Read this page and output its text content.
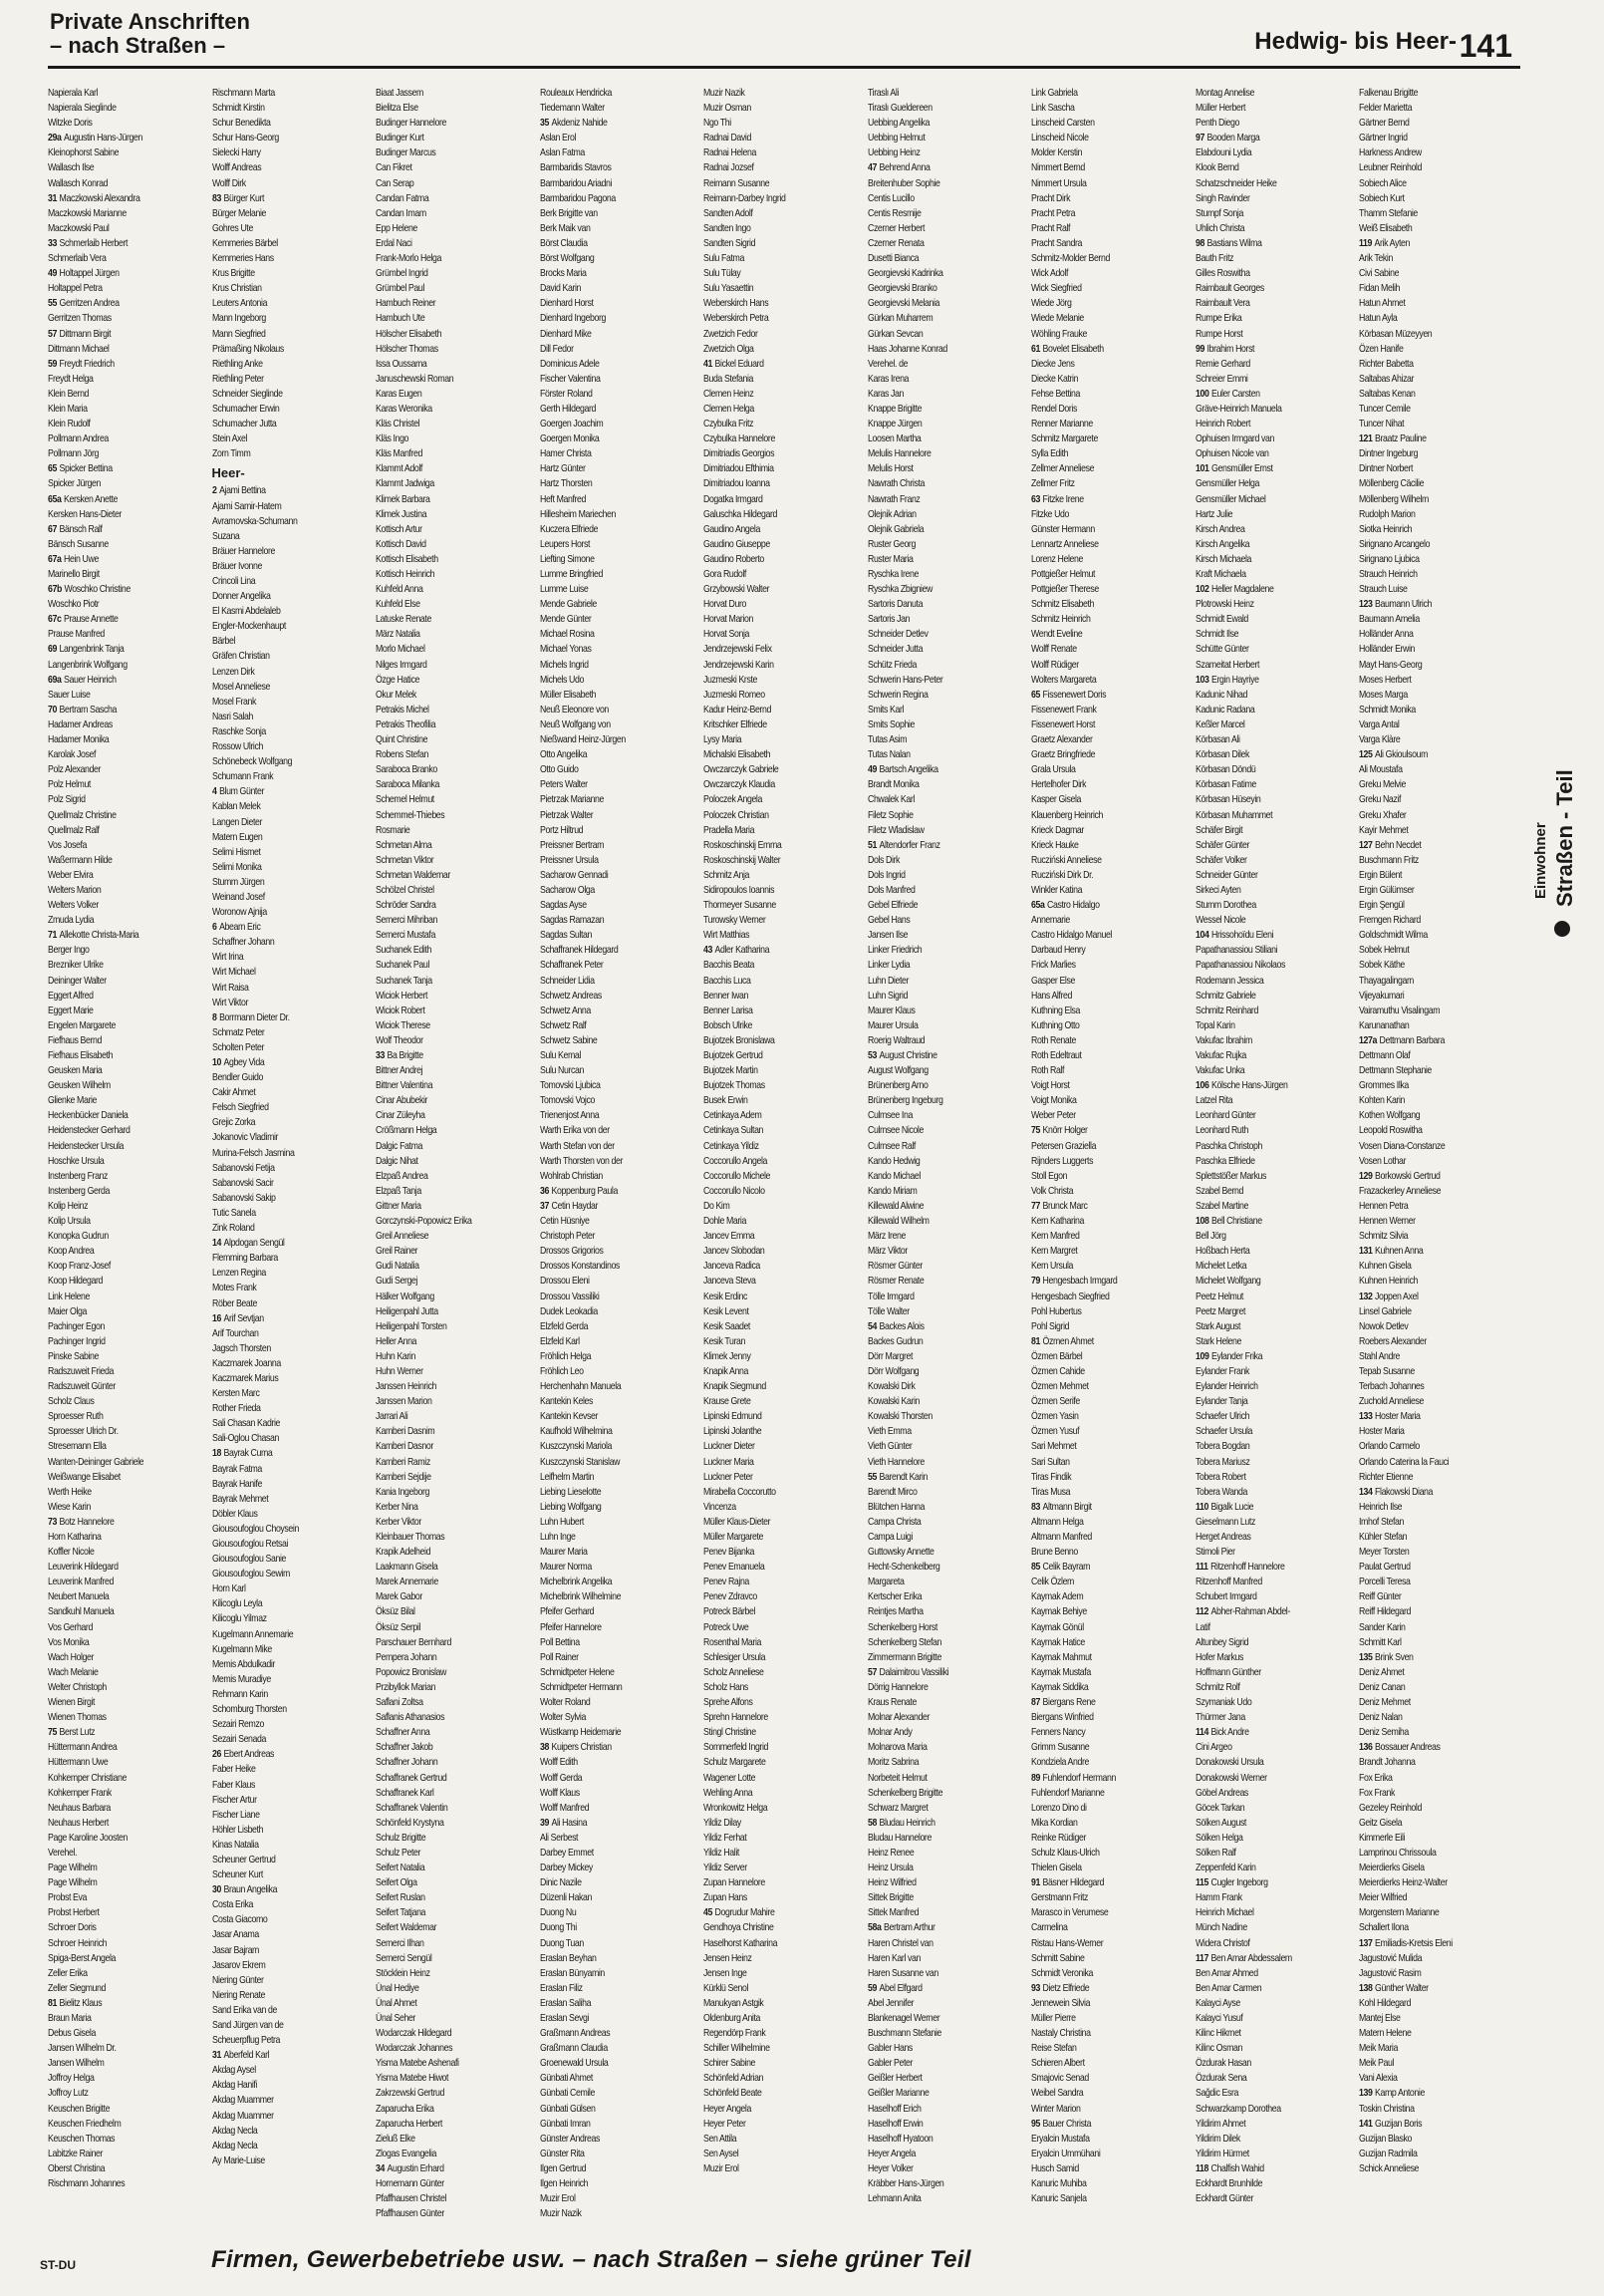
Private Anschriften
– nach Straßen –	Hedwig- bis Heer- 141
Napierala Karl
Napierala Sieglinde
Witzke Doris
29a Augustin Hans-Jürgen
Kleinophorst Sabine
Wallasch Ilse
Wallasch Konrad
31 Maczkowski Alexandra
Maczkowski Marianne
Maczkowski Paul
33 Schmerlaib Herbert
Schmerlaib Vera
49 Holtappel Jürgen
Holtappel Petra
55 Gerritzen Andrea
Gerritzen Thomas
57 Dittmann Birgit
Dittmann Michael
59 Freydt Friedrich
Freydt Helga
Klein Bernd
Klein Maria
Klein Rudolf
Pollmann Andrea
Pollmann Jörg
65 Spicker Bettina
Spicker Jürgen
65a Kersken Anette
Kersken Hans-Dieter
67 Bänsch Ralf
Bänsch Susanne
67a Hein Uwe
Marinello Birgit
67b Woschko Christine
Woschko Piotr
67c Prause Annette
Prause Manfred
69 Langenbrink Tanja
Langenbrink Wolfgang
69a Sauer Heinrich
Sauer Luise
70 Bertram Sascha
Hadamer Andreas
Hadamer Monika
Karolak Josef
Polz Alexander
Polz Helmut
Polz Sigrid
Quellmalz Christine
Quellmalz Ralf
Vos Josefa
Waßermann Hilde
Weber Elvira
Welters Marion
Welters Volker
Zmuda Lydia
71 Allekotte Christa-Maria
Berger Ingo
Brezniker Ulrike
Deininger Walter
Eggert Alfred
Eggert Marie
Engelen Margarete
Fiefhaus Bernd
Fiefhaus Elisabeth
Geusken Maria
Geusken Wilhelm
Glienke Marie
Heckenbücker Daniela
Heidenstecker Gerhard
Heidenstecker Ursula
Hoschke Ursula
Instenberg Franz
Instenberg Gerda
Kolip Heinz
Kolip Ursula
Konopka Gudrun
Koop Andrea
Koop Franz-Josef
Koop Hildegard
Link Helene
Maier Olga
Pachinger Egon
Pachinger Ingrid
Pinske Sabine
Radszuweit Frieda
Radszuweit Günter
Scholz Claus
Sproesser Ruth
Sproesser Ulrich Dr.
Stresemann Ella
Wanten-Deininger Gabriele
Weißwange Elisabet
Werth Heike
Wiese Karin
73 Botz Hannelore
Horn Katharina
Koffler Nicole
Leuverink Hildegard
Leuverink Manfred
Neubert Manuela
Sandkuhl Manuela
Vos Gerhard
Vos Monika
Wach Holger
Wach Melanie
Welter Christoph
Wienen Birgit
Wienen Thomas
75 Berst Lutz
Hüttermann Andrea
Hüttermann Uwe
Kohkemper Christiane
Kohkemper Frank
Neuhaus Barbara
Neuhaus Herbert
Page Karoline Joosten
Verehel.
Page Wilhelm
Page Wilhelm
Probst Eva
Probst Herbert
Schroer Doris
Schroer Heinrich
Spiga-Berst Angela
Zeller Erika
Zeller Siegmund
81 Bielitz Klaus
Braun Maria
Debus Gisela
Jansen Wilhelm Dr.
Jansen Wilhelm
Joffroy Helga
Joffroy Lutz
Keuschen Brigitte
Keuschen Friedhelm
Keuschen Thomas
Labitzke Rainer
Oberst Christina
Rischmann Johannes
Rischmann Marta
Schmidt Kirstin
Schur Benedikta
Schur Hans-Georg
Sielecki Harry
Wolff Andreas
Wolff Dirk
83 Bürger Kurt
Bürger Melanie
Gohres Ute
Kemmeries Bärbel
Kemmeries Hans
Krus Brigitte
Krus Christian
Leuters Antonia
Mann Ingeborg
Mann Siegfried
Prämaßing Nikolaus
Riethling Anke
Riethling Peter
Schneider Sieglinde
Schumacher Erwin
Schumacher Jutta
Stein Axel
Zorn Timm
Heer-
2 Ajami Bettina
Ajami Samir-Hatem
Avramovska-Schumann
Suzana
Bräuer Hannelore
Bräuer Ivonne
Crincoli Lina
Donner Angelika
El Kasmi Abdelaleb
Engler-Mockenhaupt
Bärbel
Gräfen Christian
Lenzen Dirk
Mosel Anneliese
Mosel Frank
Nasri Salah
Raschke Sonja
Rossow Ulrich
Schönebeck Wolfgang
Schumann Frank
4 Blum Günter
Kablan Melek
Langen Dieter
Matern Eugen
Selimi Hismet
Selimi Monika
Stumm Jürgen
Weinand Josef
Woronow Ajnija
6 Abeam Eric
Schaffner Johann
Wirt Irina
Wirt Michael
Wirt Raisa
Wirt Viktor
8 Borrmann Dieter Dr.
Schmatz Peter
Scholten Peter
10 Agbey Vida
Bendler Guido
Cakir Ahmet
Felsch Siegfried
Grejic Zorka
Jokanovic Vladimir
Murina-Felsch Jasmina
Sabanovski Fetija
Sabanovski Sacir
Sabanovski Sakip
Tutic Sanela
Zink Roland
14 Alpdogan Sengül
Flemming Barbara
Lenzen Regina
Motes Frank
Röber Beate
16 Arif Sevtjan
Arif Tourchan
Jagsch Thorsten
Kaczmarek Joanna
Kaczmarek Marius
Kersten Marc
Rother Frieda
Sali Chasan Kadrie
Sali-Oglou Chasan
18 Bayrak Cuma
Bayrak Fatma
Bayrak Hanife
Bayrak Mehmet
Döbler Klaus
Giousoufoglou Choysein
Giousoufoglou Retsai
Giousoufoglou Sanie
Giousoufoglou Sewim
Horn Karl
Kilicoglu Leyla
Kilicoglu Yilmaz
Kugelmann Annemarie
Kugelmann Mike
Memis Abdulkadir
Memis Muradiye
Rehmann Karin
Schomburg Thorsten
Sezairi Remzo
Sezairi Senada
26 Ebert Andreas
Faber Heike
Faber Klaus
Fischer Artur
Fischer Liane
Höhler Lisbeth
Kinas Natalia
Scheuner Gertrud
Scheuner Kurt
30 Braun Angelika
Costa Erika
Costa Giacomo
Jasar Anama
Jasar Bajram
Jasarov Ekrem
Niering Günter
Niering Renate
Sand Erika van de
Sand Jürgen van de
Scheuerpflug Petra
31 Aberfeld Karl
Akdag Aysel
Akdag Hanifi
Akdag Muammer
Akdag Muammer
Akdag Necla
Akdag Necla
Ay Marie-Luise
Biaat Jassem
Bielitza Else
Budinger Hannelore
Budinger Kurt
Budinger Marcus
Can Fikret
Can Serap
Candan Fatma
Candan Imam
Epp Helene
Erdal Naci
Frank-Morlo Helga
Grümbel Ingrid
Grümbel Paul
Hambuch Reiner
Hambuch Ute
Hölscher Elisabeth
Hölscher Thomas
Issa Oussama
Januschewski Roman
Karas Eugen
Karas Weronika
Kläs Christel
Kläs Ingo
Kläs Manfred
Klammt Adolf
Klammt Jadwiga
Klimek Barbara
Klimek Justina
Kottisch Artur
Kottisch David
Kottisch Elisabeth
Kottisch Heinrich
Kuhfeld Anna
Kuhfeld Else
Latuske Renate
März Natalia
Morlo Michael
Nilges Irmgard
Özge Hatice
Okur Melek
Petrakis Michel
Petrakis Theofilia
Quint Christine
Robens Stefan
Saraboca Branko
Saraboca Milanka
Schemel Helmut
Schemmel-Thiebes
Rosmarie
Schmetan Alma
Schmetan Viktor
Schmetan Waldemar
Schölzel Christel
Schröder Sandra
Semerci Mihriban
Semerci Mustafa
Suchanek Edith
Suchanek Paul
Suchanek Tanja
Wiciok Herbert
Wiciok Robert
Wiciok Therese
Wolf Theodor
33 Ba Brigitte
Bittner Andrej
Bittner Valentina
Cinar Abubekir
Cinar Züleyha
Crößmann Helga
Dalgic Fatma
Dalgic Nihat
Elzpaß Andrea
Elzpaß Tanja
Gittner Maria
Gorczynski-Popowicz Erika
Greil Anneliese
Greil Rainer
Gudi Natalia
Gudi Sergej
Hälker Wolfgang
Heiligenpahl Jutta
Heiligenpahl Torsten
Heller Anna
Huhn Karin
Huhn Werner
Janssen Heinrich
Janssen Marion
Jarrari Ali
Kamberi Dasnim
Kamberi Dasnor
Kamberi Ramiz
Kamberi Sejdije
Kania Ingeborg
Kerber Nina
Kerber Viktor
Kleinbauer Thomas
Krapik Adelheid
Laakmann Gisela
Marek Annemarie
Marek Gabor
Öksüz Bilal
Öksüz Serpil
Parschauer Bernhard
Pempera Johann
Popowicz Bronislaw
Przibyllok Marian
Saflani Zoltsa
Saflanis Athanasios
Schaffner Anna
Schaffner Jakob
Schaffner Johann
Schaffranek Gertrud
Schaffranek Karl
Schaffranek Valentin
Schönfeld Krystyna
Schulz Brigitte
Schulz Peter
Seifert Natalia
Seifert Olga
Seifert Ruslan
Seifert Tatjana
Seifert Waldemar
Semerci Ilhan
Semerci Sengül
Stöcklein Heinz
Ünal Hediye
Ünal Ahmet
Ünal Seher
Wodarczak Hildegard
Wodarczak Johannes
Yisma Matebe Ashenafi
Yisma Matebe Hiwot
Zakrzewski Gertrud
Zaparucha Erika
Zaparucha Herbert
Zieluß Elke
Zlogas Evangelia
34 Augustin Erhard
Hornemann Günter
Pfaffhausen Christel
Pfaffhausen Günter
Rouleaux Hendricka
Tiedemann Walter
35 Akdeniz Nahide
Aslan Erol
Aslan Fatma
Barmbaridis Stavros
Barmbaridou Ariadni
Barmbaridou Pagona
Berk Brigitte van
Berk Maik van
Börst Claudia
Börst Wolfgang
Brocks Maria
David Karin
Dienhard Horst
Dienhard Ingeborg
Dienhard Mike
Dill Fedor
Dominicus Adele
Fischer Valentina
Förster Roland
Gerth Hildegard
Goergen Joachim
Goergen Monika
Hamer Christa
Hartz Günter
Hartz Thorsten
Heft Manfred
Hillesheim Mariechen
Kuczera Elfriede
Leupers Horst
Liefting Simone
Lumme Bringfried
Lumme Luise
Mende Gabriele
Mende Günter
Michael Rosina
Michael Yonas
Michels Ingrid
Michels Udo
Müller Elisabeth
Neuß Eleonore von
Neuß Wolfgang von
Nießwand Heinz-Jürgen
Otto Angelika
Otto Guido
Peters Walter
Pietrzak Marianne
Pietrzak Walter
Portz Hiltrud
Preissner Bertram
Preissner Ursula
Sacharow Gennadi
Sacharow Olga
Sagdas Ayse
Sagdas Ramazan
Sagdas Sultan
Schaffranek Hildegard
Schaffranek Peter
Schneider Lidia
Schwetz Andreas
Schwetz Anna
Schwetz Ralf
Schwetz Sabine
Sulu Kemal
Sulu Nurcan
Tomovski Ljubica
Tomovski Vojco
Trienenjost Anna
Warth Erika von der
Warth Stefan von der
Warth Thorsten von der
Wohlrab Christian
36 Koppenburg Paula
37 Cetin Haydar
Cetin Hüsniye
Christoph Peter
Drossos Grigorios
Drossos Konstandinos
Drossou Eleni
Drossou Vassiliki
Dudek Leokadia
Elzfeld Gerda
Elzfeld Karl
Fröhlich Helga
Fröhlich Leo
Herchenhahn Manuela
Kantekin Keles
Kantekin Kevser
Kaufhold Wilhelmina
Kuszczynski Mariola
Kuszczynski Stanislaw
Leifhelm Martin
Liebing Lieselotte
Liebing Wolfgang
Luhn Hubert
Luhn Inge
Maurer Maria
Maurer Norma
Michelbrink Angelika
Michelbrink Wilhelmine
Pfeifer Gerhard
Pfeifer Hannelore
Poll Bettina
Poll Rainer
Schmidtpeter Helene
Schmidtpeter Hermann
Wolter Roland
Wolter Sylvia
Wüstkamp Heidemarie
38 Kuipers Christian
Wolff Edith
Wolff Gerda
Wolff Klaus
Wolff Manfred
39 Ali Hasina
Ali Serbest
Darbey Emmet
Darbey Mickey
Dinic Nazile
Düzenli Hakan
Duong Nu
Duong Thi
Duong Tuan
Eraslan Beyhan
Eraslan Bünyamin
Eraslan Filiz
Eraslan Saliha
Eraslan Sevgi
Graßmann Andreas
Graßmann Claudia
Groenewald Ursula
Günbati Ahmet
Günbati Cemile
Günbati Gülsen
Günbati Imran
Günster Andreas
Günster Rita
Ilgen Gertrud
Ilgen Heinrich
Muzir Erol
Muzir Nazik
Muzir Nazik
Muzir Osman
Ngo Thi
Radnai David
Radnai Helena
Radnai Jozsef
Reimann Susanne
Reimann-Darbey Ingrid
Sandten Adolf
Sandten Ingo
Sandten Sigrid
Sulu Fatma
Sulu Tülay
Sulu Yasaettin
Weberskirch Hans
Weberskirch Petra
Zwetzich Fedor
Zwetzich Olga
41 Bickel Eduard
Buda Stefania
Clemen Heinz
Clemen Helga
Czybulka Fritz
Czybulka Hannelore
Dimitriadis Georgios
Dimitriadou Efthimia
Dimitriadou Ioanna
Dogatka Irmgard
Galuschka Hildegard
Gaudino Angela
Gaudino Giuseppe
Gaudino Roberto
Gora Rudolf
Grzybowski Walter
Horvat Duro
Horvat Marion
Horvat Sonja
Jendrzejewski Felix
Jendrzejewski Karin
Juzmeski Krste
Juzmeski Romeo
Kadur Heinz-Bernd
Kritschker Elfriede
Lysy Maria
Michalski Elisabeth
Owczarczyk Gabriele
Owczarczyk Klaudia
Poloczek Angela
Poloczek Christian
Pradella Maria
Roskoschinskij Emma
Roskoschinskij Walter
Schmitz Anja
Sidiropoulos Ioannis
Thormeyer Susanne
Turowsky Werner
Wirt Matthias
43 Adler Katharina
Bacchis Beata
Bacchis Luca
Benner Iwan
Benner Larisa
Bobsch Ulrike
Bujotzek Bronislawa
Bujotzek Gertrud
Bujotzek Martin
Bujotzek Thomas
Busek Erwin
Cetinkaya Adem
Cetinkaya Sultan
Cetinkaya Yildiz
Coccorullo Angela
Coccorullo Michele
Coccorullo Nicolo
Do Kim
Dohle Maria
Jancev Emma
Jancev Slobodan
Janceva Radica
Janceva Steva
Kesik Erdinc
Kesik Levent
Kesik Saadet
Kesik Turan
Klimek Jenny
Knapik Anna
Knapik Siegmund
Krause Grete
Lipinski Edmund
Lipinski Jolanthe
Luckner Dieter
Luckner Maria
Luckner Peter
Mirabella Coccorutto
Vincenza
Müller Klaus-Dieter
Müller Margarete
Penev Bijanka
Penev Emanuela
Penev Rajna
Penev Zdravco
Potreck Bärbel
Potreck Uwe
Rosenthal Maria
Schlesiger Ursula
Scholz Anneliese
Scholz Hans
Sprehe Alfons
Sprehn Hannelore
Stingl Christine
Sommerfeld Ingrid
Schulz Margarete
Wagener Lotte
Wehling Anna
Wronkowitz Helga
Yildiz Dilay
Yildiz Ferhat
Yildiz Halit
Yildiz Server
Zupan Hannelore
Zupan Hans
45 Dogrudur Mahire
Gendhoya Christine
Haselhorst Katharina
Jensen Heinz
Jensen Inge
Kürklü Senol
Manukyan Astgik
Oldenburg Anita
Regendörp Frank
Schiller Wilhelmine
Schirer Sabine
Schönfeld Adrian
Schönfeld Beate
Heyer Angela
Heyer Peter
Sen Attila
Sen Aysel
Muzir Erol
Tiraslı Ali
Tiraslı Gueldereen
Uebbing Angelika
Uebbing Helmut
Uebbing Heinz
47 Behrend Anna
Breitenhuber Sophie
Centis Lucillo
Centis Resmije
Czerner Herbert
Czerner Renata
Dusetti Bianca
Georgievski Kadrinka
Georgievski Branko
Georgievski Melania
Gürkan Muharrem
Gürkan Sevcan
Haas Johanne Konrad
Verehel. de
Karas Irena
Karas Jan
Knappe Brigitte
Knappe Jürgen
Loosen Martha
Melulis Hannelore
Melulis Horst
Nawrath Christa
Nawrath Franz
Olejnik Adrian
Olejnik Gabriela
Ruster Georg
Ruster Maria
Ryschka Irene
Ryschka Zbigniew
Sartoris Danuta
Sartoris Jan
Schneider Detlev
Schneider Jutta
Schütz Frieda
Schwerin Hans-Peter
Schwerin Regina
Smits Karl
Smits Sophie
Tutas Asim
Tutas Nalan
49 Bartsch Angelika
Brandt Monika
Chwalek Karl
Filetz Sophie
Filetz Wladislaw
51 Altendorfer Franz
Dols Dirk
Dols Ingrid
Dols Manfred
Gebel Elfriede
Gebel Hans
Jansen Ilse
Linker Friedrich
Linker Lydia
Luhn Dieter
Luhn Sigrid
Maurer Klaus
Maurer Ursula
Roerig Waltraud
53 August Christine
August Wolfgang
Brünenberg Arno
Brünenberg Ingeburg
Culmsee Ina
Culmsee Nicole
Culmsee Ralf
Kando Hedwig
Kando Michael
Kando Miriam
Killewald Alwine
Killewald Wilhelm
März Irene
März Viktor
Rösmer Günter
Rösmer Renate
Tölle Irmgard
Tölle Walter
54 Backes Alois
Backes Gudrun
Dörr Margret
Dörr Wolfgang
Kowalski Dirk
Kowalski Karin
Kowalski Thorsten
Vieth Emma
Vieth Günter
Vieth Hannelore
55 Barendt Karin
Barendt Mirco
Blütchen Hanna
Campa Christa
Campa Luigi
Guttowsky Annette
Hecht-Schenkelberg
Margareta
Kertscher Erika
Reintjes Martha
Schenkelberg Horst
Schenkelberg Stefan
Zimmermann Brigitte
57 Dalaimitrou Vassiliki
Dörrig Hannelore
Kraus Renate
Molnar Alexander
Molnar Andy
Molnarova Maria
Moritz Sabrina
Norbeteit Helmut
Schenkelberg Brigitte
Schwarz Margret
58 Bludau Heinrich
Bludau Hannelore
Heinz Renee
Heinz Ursula
Heinz Wilfried
Sittek Brigitte
Sittek Manfred
58a Bertram Arthur
Haren Christel van
Haren Karl van
Haren Susanne van
59 Abel Elfgard
Abel Jennifer
Blankenagel Werner
Buschmann Stefanie
Gabler Hans
Gabler Peter
Geißler Herbert
Geißler Marianne
Haselhoff Erich
Haselhoff Erwin
Haselhoff Hyatoon
Heyer Angela
Heyer Volker
Kräbber Hans-Jürgen
Lehmann Anita
Link Gabriela
Link Sascha
Linscheid Carsten
Linscheid Nicole
Molder Kerstin
Nimmert Bernd
Nimmert Ursula
Pracht Dirk
Pracht Petra
Pracht Ralf
Pracht Sandra
Schmitz-Molder Bernd
Wick Adolf
Wick Siegfried
Wiede Jörg
Wiede Melanie
Wöhling Frauke
61 Bovelet Elisabeth
Diecke Jens
Diecke Katrin
Fehse Bettina
Rendel Doris
Renner Marianne
Schmitz Margarete
Sylla Edith
Zellmer Anneliese
Zellmer Fritz
63 Fitzke Irene
Fitzke Udo
Günster Hermann
Lennartz Anneliese
Lorenz Helene
Pottgießer Helmut
Pottgießer Therese
Schmitz Elisabeth
Schmitz Heinrich
Wendt Eveline
Wolff Renate
Wolff Rüdiger
Wolters Margareta
65 Fissenewert Doris
Fissenewert Frank
Fissenewert Horst
Graetz Alexander
Graetz Bringfriede
Grala Ursula
Hertelhofer Dirk
Kasper Gisela
Klauenberg Heinrich
Krieck Dagmar
Krieck Hauke
Rucziński Anneliese
Rucziński Dirk Dr.
Winkler Katina
65a Castro Hidalgo
Annemarie
Castro Hidalgo Manuel
Darbaud Henry
Frick Marlies
Gasper Else
Hans Alfred
Kuthning Elsa
Kuthning Otto
Roth Renate
Roth Edeltraut
Roth Ralf
Voigt Horst
Voigt Monika
Weber Peter
75 Knörr Holger
Petersen Graziella
Rijnders Luggerts
Stoll Egon
Volk Christa
77 Brunck Marc
Kern Katharina
Kern Manfred
Kern Margret
Kern Ursula
79 Hengesbach Irmgard
Hengesbach Siegfried
Pohl Hubertus
Pohl Sigrid
81 Özmen Ahmet
Özmen Bärbel
Özmen Cahide
Özmen Mehmet
Özmen Serife
Özmen Yasin
Özmen Yusuf
Sari Mehmet
Sari Sultan
Tiras Findik
Tiras Musa
83 Altmann Birgit
Altmann Helga
Altmann Manfred
Brune Benno
85 Celik Bayram
Celik Özlem
Kaymak Adem
Kaymak Behiye
Kaymak Gönül
Kaymak Hatice
Kaymak Mahmut
Kaymak Mustafa
Kaymak Siddika
87 Biergans Rene
Biergans Winfried
Fenners Nancy
Grimm Susanne
Kondziela Andre
89 Fuhlendorf Hermann
Fuhlendorf Marianne
Lorenzo Dino di
Mika Kordian
Reinke Rüdiger
Schulz Klaus-Ulrich
Thielen Gisela
91 Bäsner Hildegard
Gerstmann Fritz
Marasco in Verumese
Carmelina
Ristau Hans-Werner
Schmitt Sabine
Schmidt Veronika
93 Dietz Elfriede
Jennewein Silvia
Müller Pierre
Nastaly Christina
Reise Stefan
Schieren Albert
Smajovic Senad
Weibel Sandra
Winter Marion
95 Bauer Christa
Eryalcin Mustafa
Eryalcin Ummühani
Husch Samid
Kanuric Muhiba
Kanuric Sanjela
Montag Annelise
Müller Herbert
Penth Diego
97 Booden Marga
Elabdouni Lydia
Klook Bernd
Schatzschneider Heike
Singh Ravinder
Stumpf Sonja
Uhlich Christa
98 Bastians Wilma
Bauth Fritz
Gilles Roswitha
Raimbault Georges
Raimbault Vera
Rumpe Erika
Rumpe Horst
99 Ibrahim Horst
Remie Gerhard
Schreier Emmi
100 Euler Carsten
Gräve-Heinrich Manuela
Heinrich Robert
Ophuisen Irmgard van
Ophuisen Nicole van
101 Gensmüller Ernst
Gensmüller Helga
Gensmüller Michael
Hartz Julie
Kirsch Andrea
Kirsch Angelika
Kirsch Michaela
Kraft Michaela
102 Heller Magdalene
Plotrowski Heinz
Schmidt Ewald
Schmidt Ilse
Schütte Günter
Szameitat Herbert
103 Ergin Hayriye
Kadunic Nihad
Kadunic Radana
Keßler Marcel
Körbasan Ali
Körbasan Dilek
Körbasan Döndü
Körbasan Fatime
Körbasan Hüseyin
Körbasan Muhammet
Schäfer Birgit
Schäfer Günter
Schäfer Volker
Schneider Günter
Sirkeci Ayten
Stumm Dorothea
Wessel Nicole
104 Hrissohoïdu Eleni
Papathanassiou Stiliani
Papathanassiou Nikolaos
Rodemann Jessica
Schmitz Gabriele
Schmitz Reinhard
Topal Karin
Vakufac Ibrahim
Vakufac Rujka
Vakufac Unka
106 Kölsche Hans-Jürgen
Latzel Rita
Leonhard Günter
Leonhard Ruth
Paschka Christoph
Paschka Elfriede
Splettstößer Markus
Szabel Bernd
Szabel Martine
108 Bell Christiane
Bell Jörg
Hoßbach Herta
Michelet Letka
Michelet Wolfgang
Peetz Helmut
Peetz Margret
Stark August
Stark Helene
109 Eylander Frika
Eylander Frank
Eylander Heinrich
Eylander Tanja
Schaefer Ulrich
Schaefer Ursula
Tobera Bogdan
Tobera Mariusz
Tobera Robert
Tobera Wanda
110 Bigalk Lucie
Gieselmann Lutz
Herget Andreas
Stimoli Pier
111 Ritzenhoff Hannelore
Ritzenhoff Manfred
Schubert Irmgard
112 Abher-Rahman Abdel-
Latif
Altunbey Sigrid
Hofer Markus
Hoffmann Günther
Schmitz Rolf
Szymaniak Udo
Thürmer Jana
114 Bick Andre
Cini Argeo
Donakowski Ursula
Donakowski Werner
Göbel Andreas
Göcek Tarkan
Sölken August
Sölken Helga
Sölken Ralf
Zeppenfeld Karin
115 Cugler Ingeborg
Hamm Frank
Heinrich Michael
Münch Nadine
Widera Christof
117 Ben Amar Abdessalem
Ben Amar Ahmed
Ben Amar Carmen
Kalayci Ayse
Kalayci Yusuf
Kilinc Hikmet
Kilinc Osman
Özdurak Hasan
Özdurak Sena
Sağdic Esra
Schwarzkamp Dorothea
Yildirim Ahmet
Yildirim Dilek
Yildirim Hürmet
118 Chalfish Wahid
Eckhardt Brunhilde
Eckhardt Günter
Falkenau Brigitte
Felder Marietta
Gärtner Bernd
Gärtner Ingrid
Harkness Andrew
Leubner Reinhold
Sobiech Alice
Sobiech Kurt
Thamm Stefanie
Weiß Elisabeth
119 Arik Ayten
Arik Tekin
Civi Sabine
Fidan Melih
Hatun Ahmet
Hatun Ayla
Körbasan Müzeyyen
Özen Hanife
Richter Babetta
Saltabas Ahizar
Saltabas Kenan
Tuncer Cemile
Tuncer Nihat
121 Braatz Pauline
Dintner Ingeburg
Dintner Norbert
Möllenberg Cäcilie
Möllenberg Wilhelm
Rudolph Marion
Siotka Heinrich
Sirignano Arcangelo
Sirignano Ljubica
Strauch Heinrich
Strauch Luise
123 Baumann Ulrich
Baumann Amelia
Holländer Anna
Holländer Erwin
Mayt Hans-Georg
Moses Herbert
Moses Marga
Schmidt Monika
Varga Antal
Varga Klàre
125 Ali Gkioulsoum
Ali Moustafa
Greku Melvie
Greku Nazif
Greku Xhafer
Kayir Mehmet
127 Behn Necdet
Buschmann Fritz
Ergin Bülent
Ergin Gülümser
Ergin Şengül
Fremgen Richard
Goldschmidt Wilma
Sobek Helmut
Sobek Käthe
Thayagalingam
Vijeyakumari
Vairamuthu Visalingam
Karunanathan
127a Dettmann Barbara
Dettmann Olaf
Dettmann Stephanie
Grommes Ilka
Kohten Karin
Kothen Wolfgang
Leopold Roswitha
Vosen Diana-Constanze
Vosen Lothar
129 Borkowski Gertrud
Frazackerley Anneliese
Hennen Petra
Hennen Werner
Schmitz Silvia
131 Kuhnen Anna
Kuhnen Gisela
Kuhnen Heinrich
132 Joppen Axel
Linsel Gabriele
Nowok Detlev
Roebers Alexander
Stahl Andre
Tepab Susanne
Terbach Johannes
Zuchold Anneliese
133 Hoster Maria
Hoster Maria
Orlando Carmelo
Orlando Caterina la Fauci
Richter Etienne
134 Flakowski Diana
Heinrich Ilse
Imhof Stefan
Kühler Stefan
Meyer Torsten
Paulat Gertrud
Porcelli Teresa
Reiff Günter
Reiff Hildegard
Sander Karin
Schmitt Karl
135 Brink Sven
Deniz Ahmet
Deniz Canan
Deniz Mehmet
Deniz Nalan
Deniz Semiha
136 Bossauer Andreas
Brandt Johanna
Fox Erika
Fox Frank
Gezeley Reinhold
Geitz Gisela
Kimmerle Eili
Lamprinou Chrissoula
Meierdierks Gisela
Meierdierks Heinz-Walter
Meier Wilfried
Morgenstern Marianne
Schallert Ilona
137 Emiliadis-Kretsis Eleni
Jagustović Mulida
Jagustović Rasim
138 Günther Walter
Kohl Hildegard
Mantej Else
Matern Helene
Meik Maria
Meik Paul
Vani Alexia
139 Kamp Antonie
Toskin Christina
141 Guzijan Boris
Guzijan Blasko
Guzijan Radmila
Schick Anneliese
Einwohner Straßen - Teil
ST-DU	Firmen, Gewerbebetriebe usw. – nach Straßen – siehe grüner Teil
